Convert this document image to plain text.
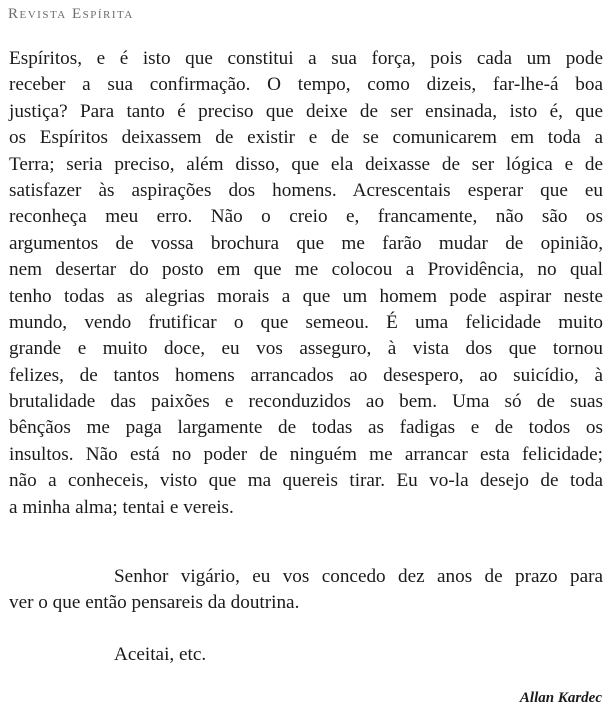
Revista Espírita
Espíritos, e é isto que constitui a sua força, pois cada um pode
receber a sua confirmação. O tempo, como dizeis, far-lhe-á boa
justiça? Para tanto é preciso que deixe de ser ensinada, isto é, que
os Espíritos deixassem de existir e de se comunicarem em toda a
Terra; seria preciso, além disso, que ela deixasse de ser lógica e de
satisfazer às aspirações dos homens. Acrescentais esperar que eu
reconheça meu erro. Não o creio e, francamente, não são os
argumentos de vossa brochura que me farão mudar de opinião,
nem desertar do posto em que me colocou a Providência, no qual
tenho todas as alegrias morais a que um homem pode aspirar neste
mundo, vendo frutificar o que semeou. É uma felicidade muito
grande e muito doce, eu vos asseguro, à vista dos que tornou
felizes, de tantos homens arrancados ao desespero, ao suicídio, à
brutalidade das paixões e reconduzidos ao bem. Uma só de suas
bênçãos me paga largamente de todas as fadigas e de todos os
insultos. Não está no poder de ninguém me arrancar esta felicidade;
não a conheceis, visto que ma quereis tirar. Eu vo-la desejo de toda
a minha alma; tentai e vereis.
Senhor vigário, eu vos concedo dez anos de prazo para
ver o que então pensareis da doutrina.
Aceitai, etc.
Allan Kardec
